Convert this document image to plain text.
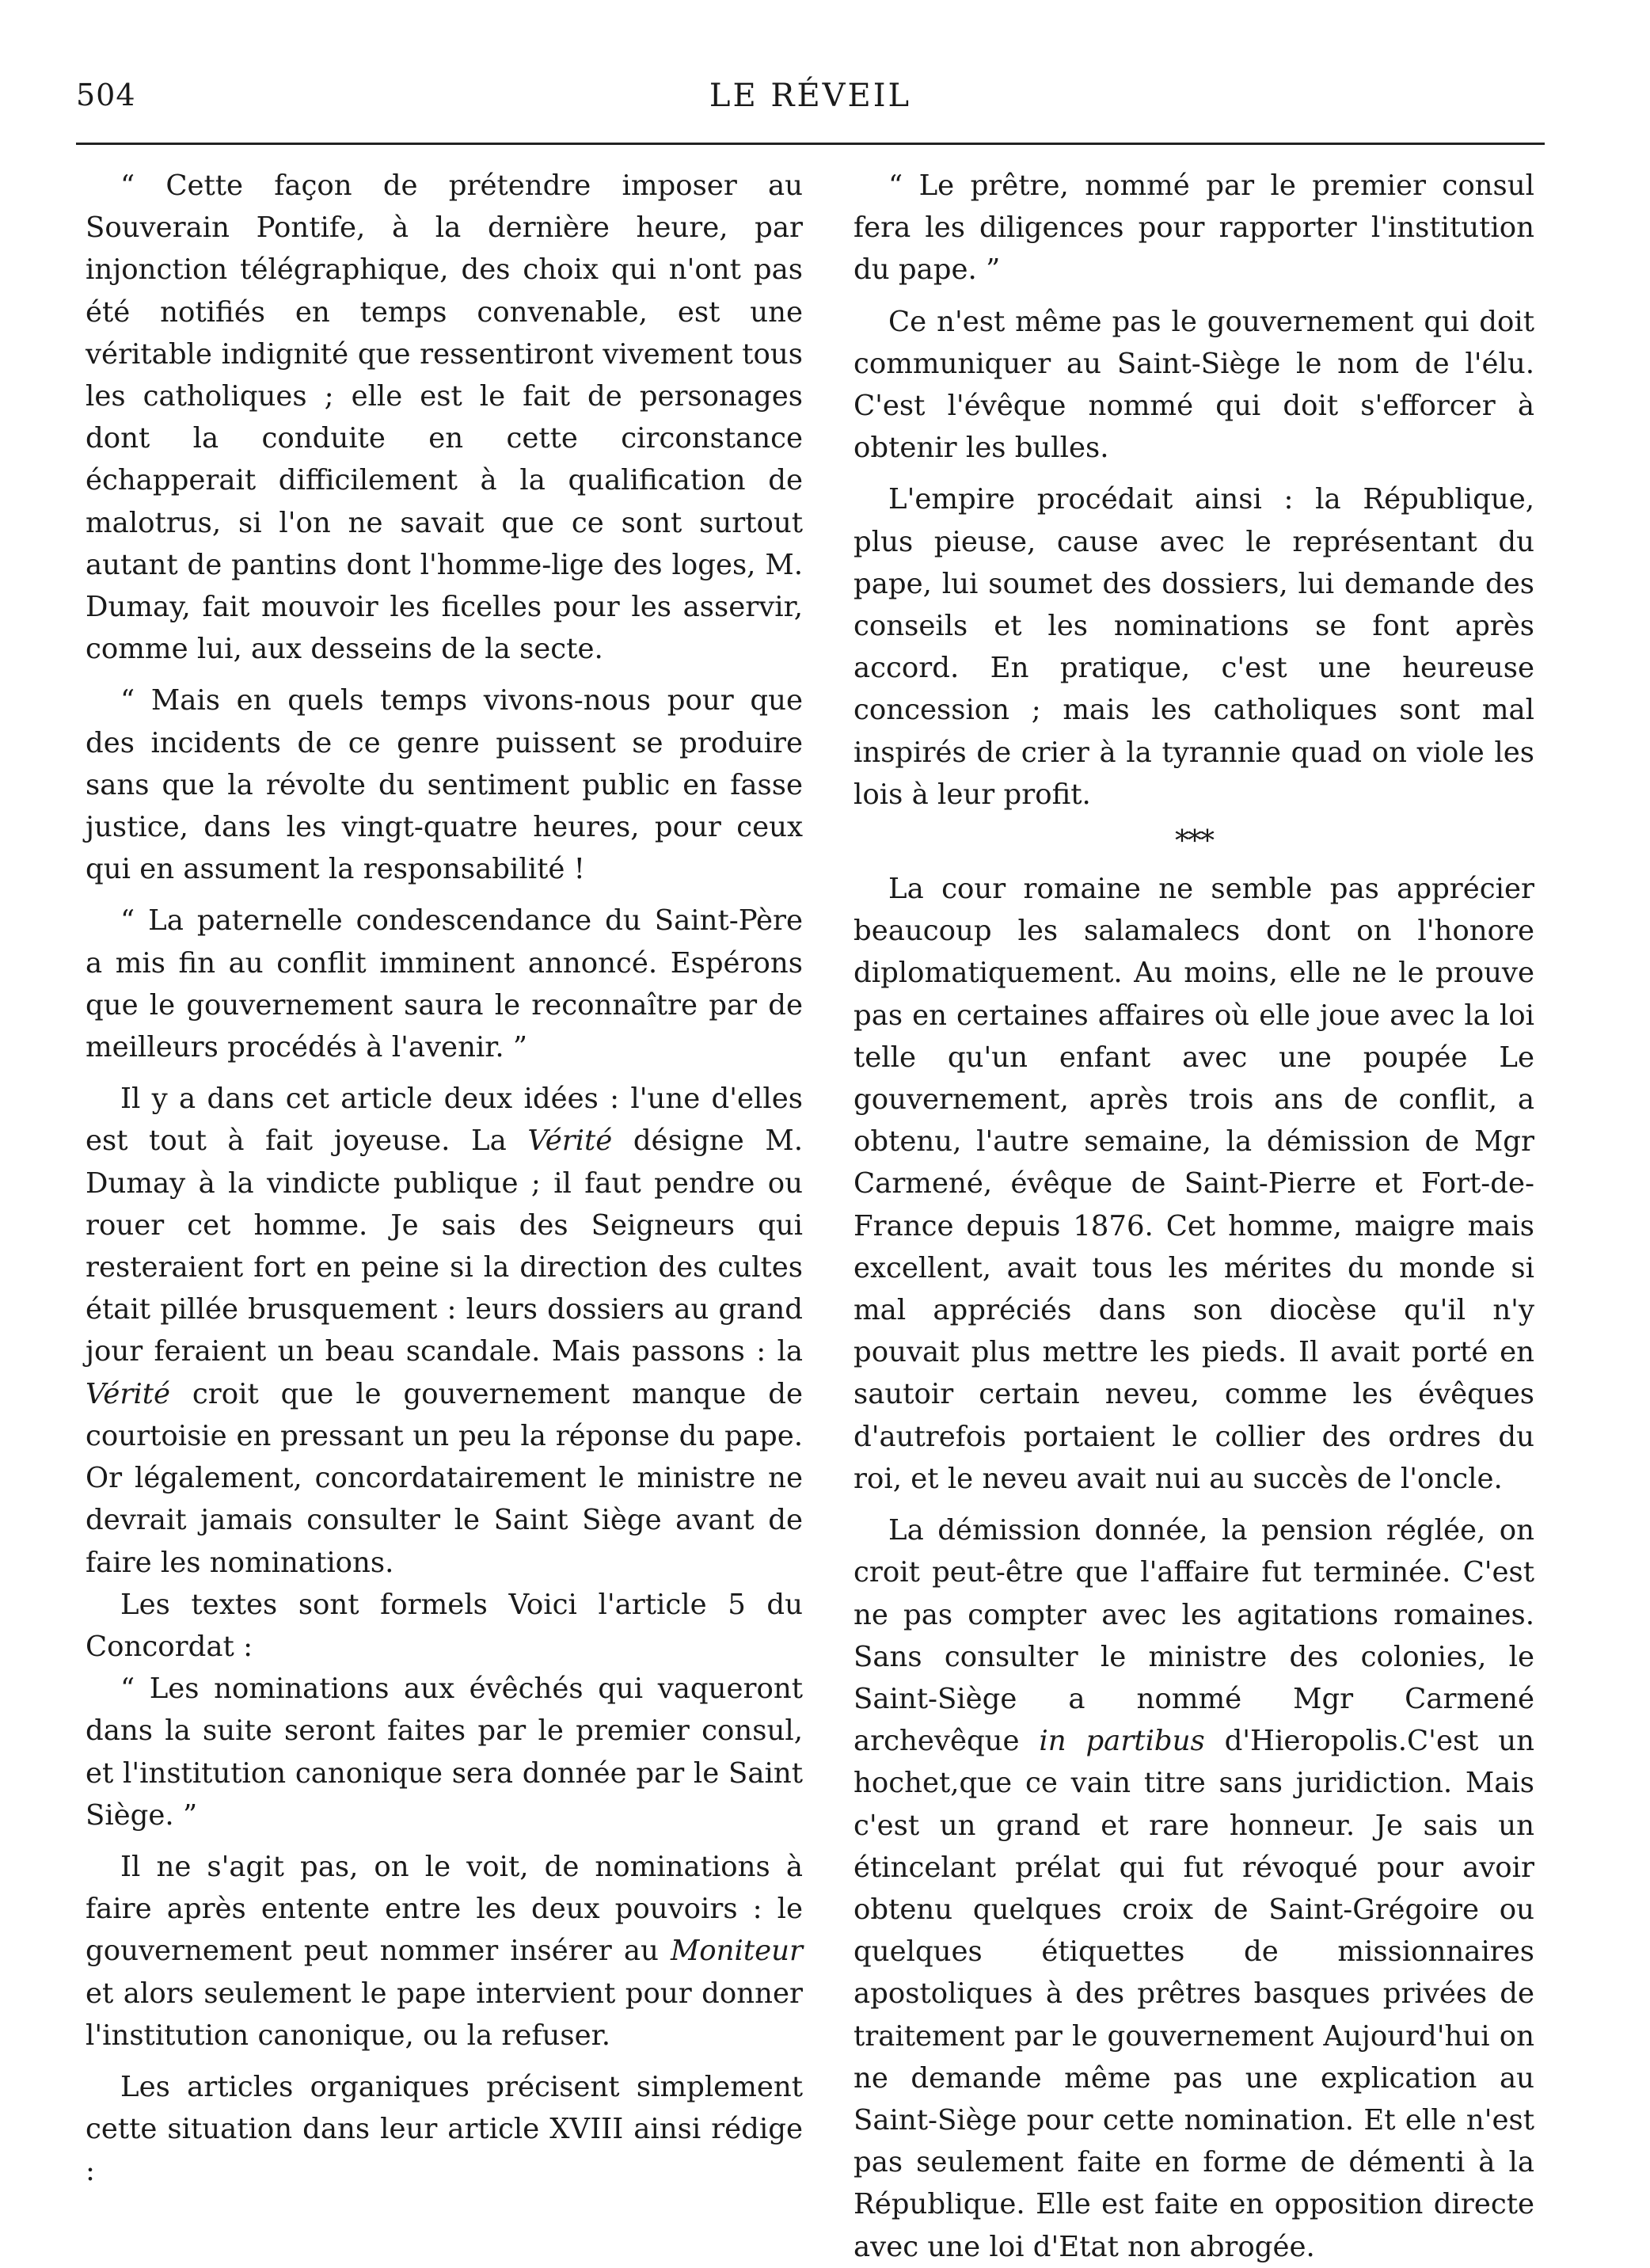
504	LE RÉVEIL

“ Cette façon de prétendre imposer au Souverain Pontife, à la dernière heure, par injonction télégraphique, des choix qui n'ont pas été notifiés en temps convenable, est une véritable indignité que ressentiront vivement tous les catholiques ; elle est le fait de personages dont la conduite en cette circonstance échapperait difficilement à la qualification de malotrus, si l'on ne savait que ce sont surtout autant de pantins dont l'homme-lige des loges, M. Dumay, fait mouvoir les ficelles pour les asservir, comme lui, aux desseins de la secte.

“ Mais en quels temps vivons-nous pour que des incidents de ce genre puissent se produire sans que la révolte du sentiment public en fasse justice, dans les vingt-quatre heures, pour ceux qui en assument la responsabilité !

“ La paternelle condescendance du Saint-Père a mis fin au conflit imminent annoncé. Espérons que le gouvernement saura le reconnaître par de meilleurs procédés à l'avenir. ”

Il y a dans cet article deux idées : l'une d'elles est tout à fait joyeuse. La Vérité désigne M. Dumay à la vindicte publique ; il faut pendre ou rouer cet homme. Je sais des Seigneurs qui resteraient fort en peine si la direction des cultes était pillée brusquement : leurs dossiers au grand jour feraient un beau scandale. Mais passons : la Vérité croit que le gouvernement manque de courtoisie en pressant un peu la réponse du pape. Or légalement, concordatairement le ministre ne devrait jamais consulter le Saint Siège avant de faire les nominations.

Les textes sont formels Voici l'article 5 du Concordat :

“ Les nominations aux évêchés qui vaqueront dans la suite seront faites par le premier consul, et l'institution canonique sera donnée par le Saint Siège. ”

Il ne s'agit pas, on le voit, de nominations à faire après entente entre les deux pouvoirs : le gouvernement peut nommer insérer au Moniteur et alors seulement le pape intervient pour donner l'institution canonique, ou la refuser.

Les articles organiques précisent simplement cette situation dans leur article XVIII ainsi rédige :

“ Le prêtre, nommé par le premier consul fera les diligences pour rapporter l'institution du pape. ”

Ce n'est même pas le gouvernement qui doit communiquer au Saint-Siège le nom de l'élu. C'est l'évêque nommé qui doit s'efforcer à obtenir les bulles.

L'empire procédait ainsi : la République, plus pieuse, cause avec le représentant du pape, lui soumet des dossiers, lui demande des conseils et les nominations se font après accord. En pratique, c'est une heureuse concession ; mais les catholiques sont mal inspirés de crier à la tyrannie quad on viole les lois à leur profit.

***

La cour romaine ne semble pas apprécier beaucoup les salamalecs dont on l'honore diplomatiquement. Au moins, elle ne le prouve pas en certaines affaires où elle joue avec la loi telle qu'un enfant avec une poupée Le gouvernement, après trois ans de conflit, a obtenu, l'autre semaine, la démission de Mgr Carmené, évêque de Saint-Pierre et Fort-de-France depuis 1876. Cet homme, maigre mais excellent, avait tous les mérites du monde si mal appréciés dans son diocèse qu'il n'y pouvait plus mettre les pieds. Il avait porté en sautoir certain neveu, comme les évêques d'autrefois portaient le collier des ordres du roi, et le neveu avait nui au succès de l'oncle.

La démission donnée, la pension réglée, on croit peut-être que l'affaire fut terminée. C'est ne pas compter avec les agitations romaines. Sans consulter le ministre des colonies, le Saint-Siège a nommé Mgr Carmené archevêque in partibus d'Hieropolis.C'est un hochet,que ce vain titre sans juridiction. Mais c'est un grand et rare honneur. Je sais un étincelant prélat qui fut révoqué pour avoir obtenu quelques croix de Saint-Grégoire ou quelques étiquettes de missionnaires apostoliques à des prêtres basques privées de traitement par le gouvernement Aujourd'hui on ne demande même pas une explication au Saint-Siège pour cette nomination. Et elle n'est pas seulement faite en forme de démenti à la République. Elle est faite en opposition directe avec une loi d'Etat non abrogée.
